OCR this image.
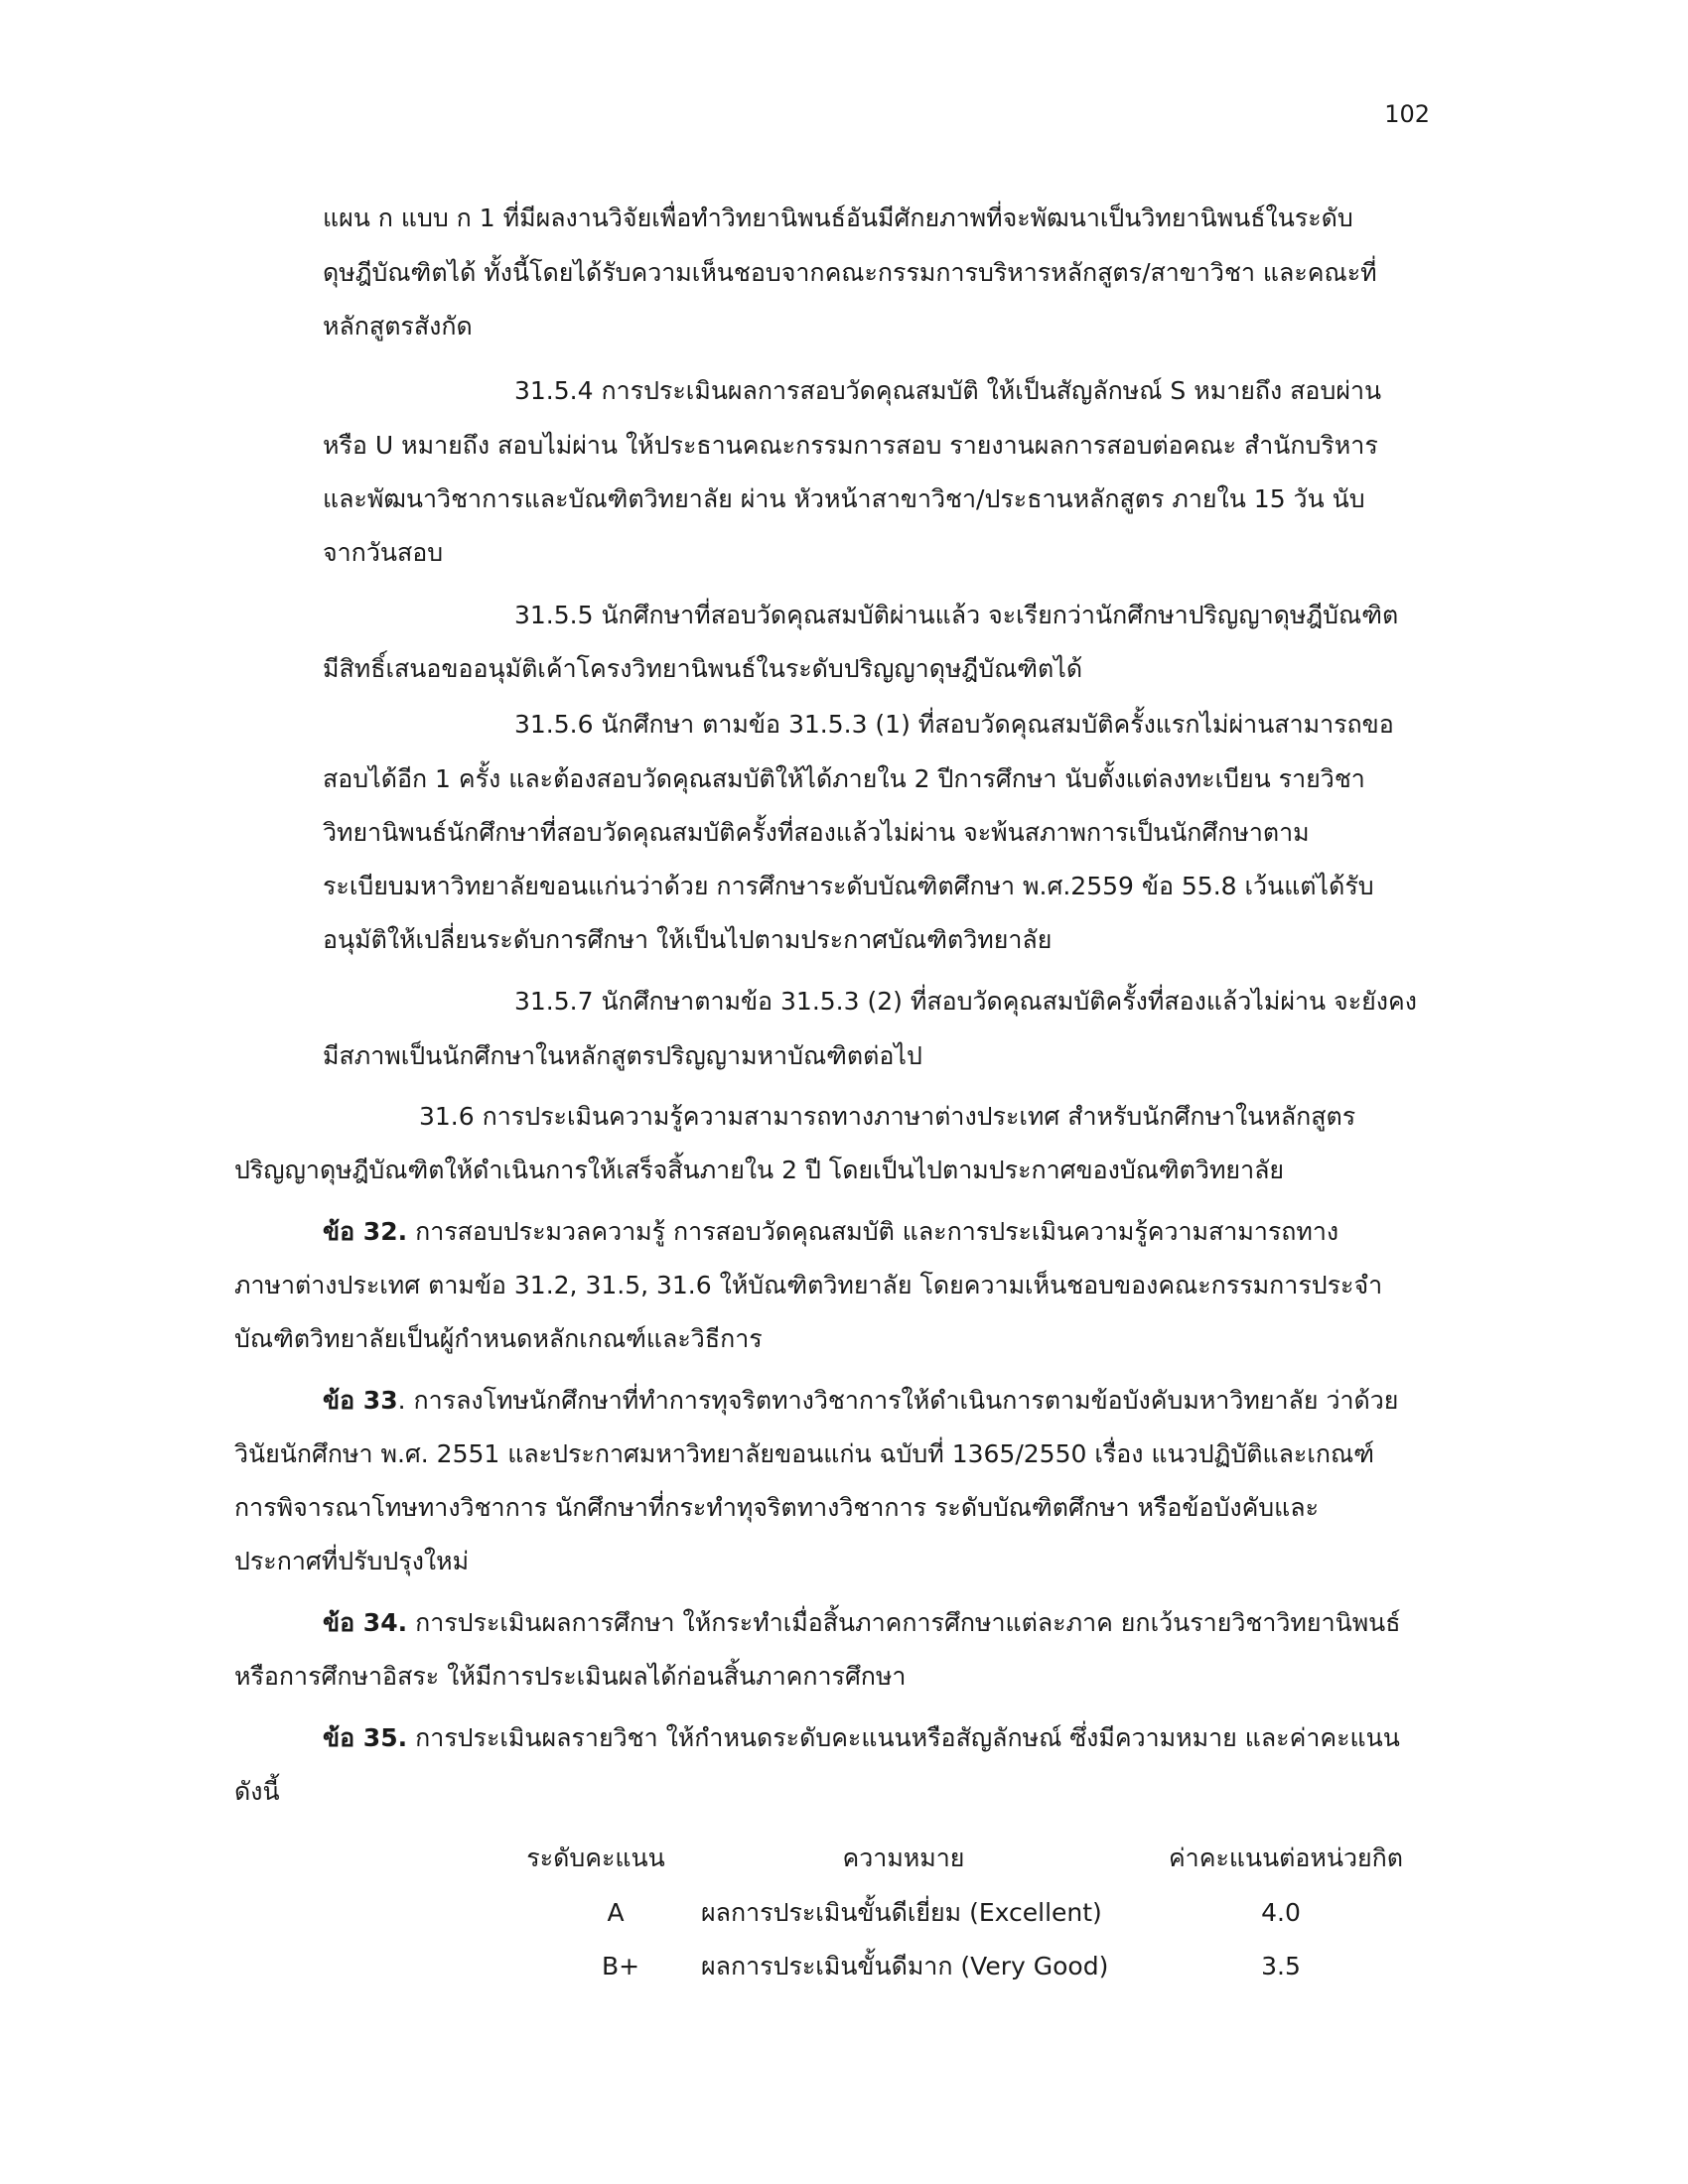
102
แผน ก แบบ ก 1 ที่มีผลงานวิจัยเพื่อทำวิทยานิพนธ์อันมีศักยภาพที่จะพัฒนาเป็นวิทยานิพนธ์ในระดับ
ดุษฎีบัณฑิตได้ ทั้งนี้โดยได้รับความเห็นชอบจากคณะกรรมการบริหารหลักสูตร/สาขาวิชา และคณะที่
หลักสูตรสังกัด
31.5.4 การประเมินผลการสอบวัดคุณสมบัติ ให้เป็นสัญลักษณ์ S หมายถึง สอบผ่าน
หรือ U หมายถึง สอบไม่ผ่าน ให้ประธานคณะกรรมการสอบ รายงานผลการสอบต่อคณะ สำนักบริหาร
และพัฒนาวิชาการและบัณฑิตวิทยาลัย ผ่าน หัวหน้าสาขาวิชา/ประธานหลักสูตร ภายใน 15 วัน นับ
จากวันสอบ
31.5.5 นักศึกษาที่สอบวัดคุณสมบัติผ่านแล้ว จะเรียกว่านักศึกษาปริญญาดุษฎีบัณฑิต
มีสิทธิ์เสนอขออนุมัติเค้าโครงวิทยานิพนธ์ในระดับปริญญาดุษฎีบัณฑิตได้
31.5.6 นักศึกษา ตามข้อ 31.5.3 (1) ที่สอบวัดคุณสมบัติครั้งแรกไม่ผ่านสามารถขอ
สอบได้อีก 1 ครั้ง และต้องสอบวัดคุณสมบัติให้ได้ภายใน 2 ปีการศึกษา นับตั้งแต่ลงทะเบียน รายวิชา
วิทยานิพนธ์นักศึกษาที่สอบวัดคุณสมบัติครั้งที่สองแล้วไม่ผ่าน จะพ้นสภาพการเป็นนักศึกษาตาม
ระเบียบมหาวิทยาลัยขอนแก่นว่าด้วย การศึกษาระดับบัณฑิตศึกษา พ.ศ.2559 ข้อ 55.8 เว้นแต่ได้รับ
อนุมัติให้เปลี่ยนระดับการศึกษา ให้เป็นไปตามประกาศบัณฑิตวิทยาลัย
31.5.7 นักศึกษาตามข้อ 31.5.3 (2) ที่สอบวัดคุณสมบัติครั้งที่สองแล้วไม่ผ่าน จะยังคง
มีสภาพเป็นนักศึกษาในหลักสูตรปริญญามหาบัณฑิตต่อไป
31.6 การประเมินความรู้ความสามารถทางภาษาต่างประเทศ สำหรับนักศึกษาในหลักสูตร
ปริญญาดุษฎีบัณฑิตให้ดำเนินการให้เสร็จสิ้นภายใน 2 ปี โดยเป็นไปตามประกาศของบัณฑิตวิทยาลัย
ข้อ 32. การสอบประมวลความรู้ การสอบวัดคุณสมบัติ และการประเมินความรู้ความสามารถทาง
ภาษาต่างประเทศ ตามข้อ 31.2, 31.5, 31.6 ให้บัณฑิตวิทยาลัย โดยความเห็นชอบของคณะกรรมการประจำ
บัณฑิตวิทยาลัยเป็นผู้กำหนดหลักเกณฑ์และวิธีการ
ข้อ 33. การลงโทษนักศึกษาที่ทำการทุจริตทางวิชาการให้ดำเนินการตามข้อบังคับมหาวิทยาลัย ว่าด้วย
วินัยนักศึกษา พ.ศ. 2551 และประกาศมหาวิทยาลัยขอนแก่น ฉบับที่ 1365/2550 เรื่อง แนวปฏิบัติและเกณฑ์
การพิจารณาโทษทางวิชาการ นักศึกษาที่กระทำทุจริตทางวิชาการ ระดับบัณฑิตศึกษา หรือข้อบังคับและ
ประกาศที่ปรับปรุงใหม่
ข้อ 34. การประเมินผลการศึกษา ให้กระทำเมื่อสิ้นภาคการศึกษาแต่ละภาค ยกเว้นรายวิชาวิทยานิพนธ์
หรือการศึกษาอิสระ ให้มีการประเมินผลได้ก่อนสิ้นภาคการศึกษา
ข้อ 35. การประเมินผลรายวิชา ให้กำหนดระดับคะแนนหรือสัญลักษณ์ ซึ่งมีความหมาย และค่าคะแนน
ดังนี้
ระดับคะแนน	ความหมาย	ค่าคะแนนต่อหน่วยกิต
A	ผลการประเมินขั้นดีเยี่ยม (Excellent)	4.0
B+	ผลการประเมินขั้นดีมาก (Very Good)	3.5
